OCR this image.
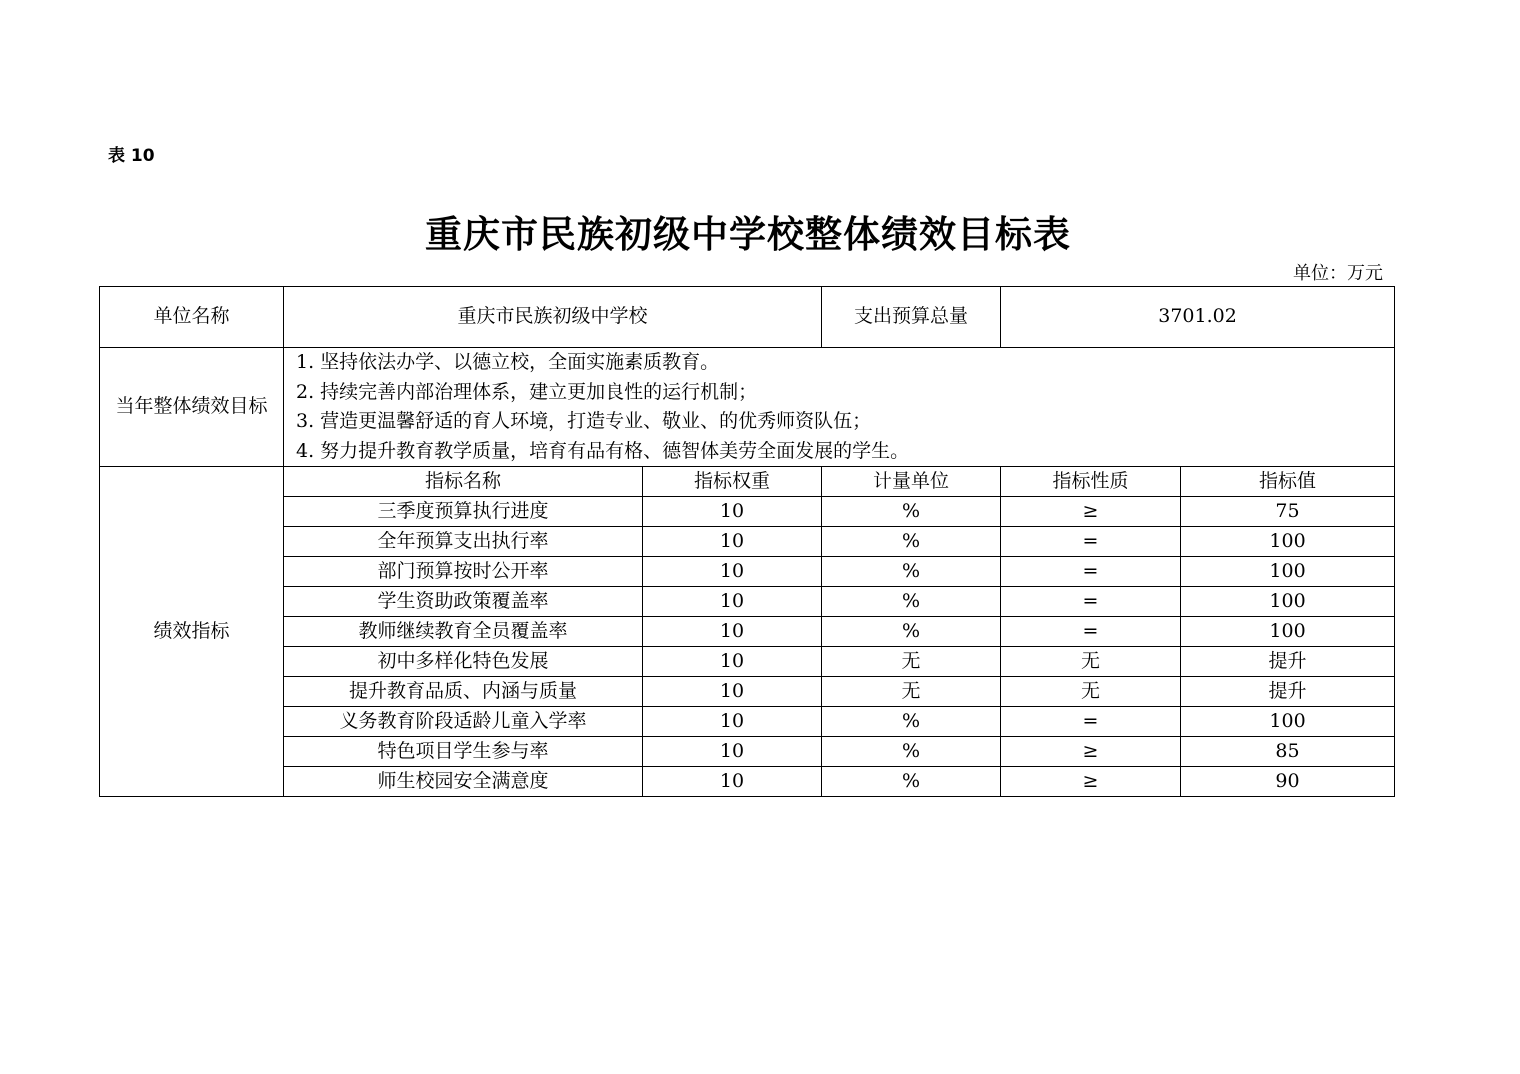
表 10
重庆市民族初级中学校整体绩效目标表
单位：万元
单位名称	重庆市民族初级中学校		支出预算总量	3701.02	
当年整体绩效目标	1. 坚持依法办学、以德立校，全面实施素质教育。
2. 持续完善内部治理体系，建立更加良性的运行机制；
3. 营造更温馨舒适的育人环境，打造专业、敬业、的优秀师资队伍；
4. 努力提升教育教学质量，培育有品有格、德智体美劳全面发展的学生。				

绩效指标	指标名称	指标权重	计量单位	指标性质	指标值
	三季度预算执行进度	10	%	≥	75
	全年预算支出执行率	10	%	=	100
	部门预算按时公开率	10	%	=	100
	学生资助政策覆盖率	10	%	=	100
	教师继续教育全员覆盖率	10	%	=	100
	初中多样化特色发展	10	无	无	提升
	提升教育品质、内涵与质量	10	无	无	提升
	义务教育阶段适龄儿童入学率	10	%	=	100
	特色项目学生参与率	10	%	≥	85
	师生校园安全满意度	10	%	≥	90
